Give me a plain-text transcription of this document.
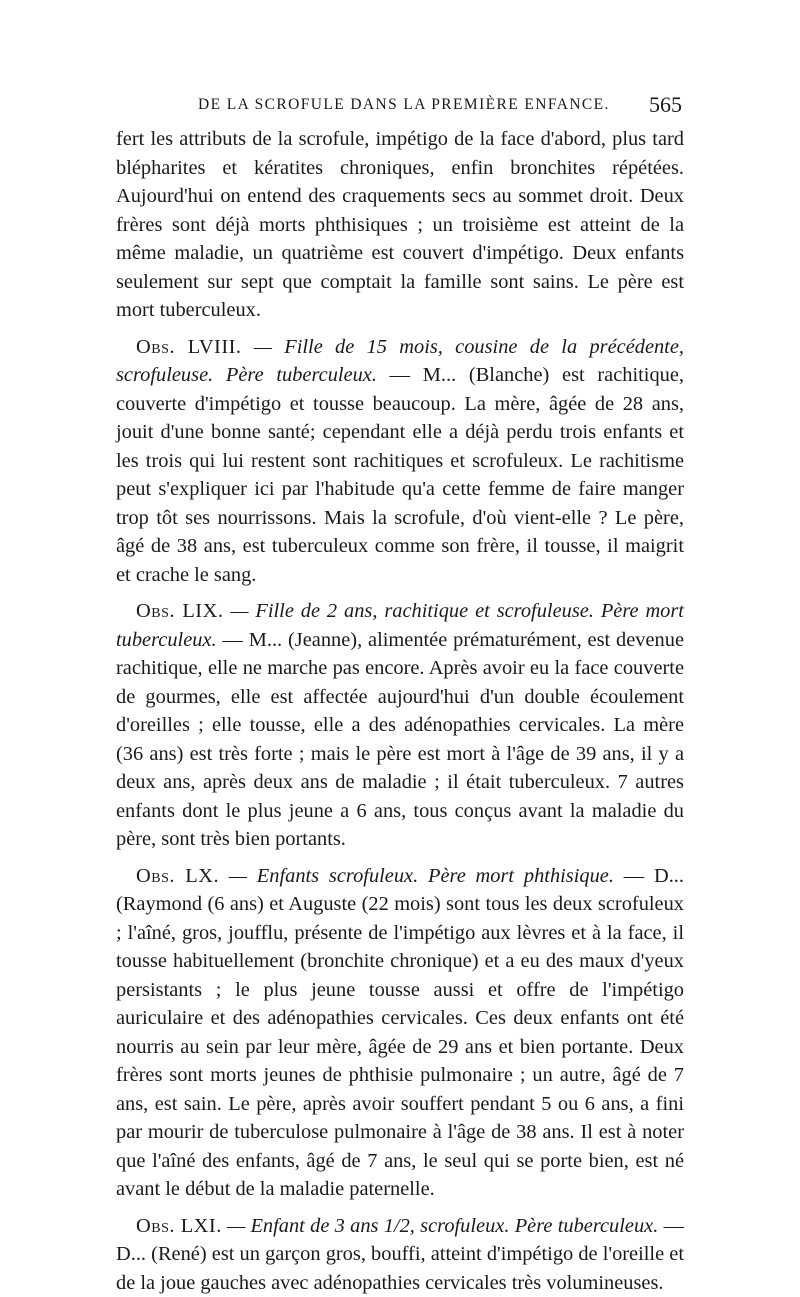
DE LA SCROFULE DANS LA PREMIÈRE ENFANCE. 565

fert les attributs de la scrofule, impétigo de la face d'abord, plus tard blépharites et kératites chroniques, enfin bronchites répétées. Aujourd'hui on entend des craquements secs au sommet droit. Deux frères sont déjà morts phthisiques ; un troisième est atteint de la même maladie, un quatrième est couvert d'impétigo. Deux enfants seulement sur sept que comptait la famille sont sains. Le père est mort tuberculeux.

Obs. LVIII. — Fille de 15 mois, cousine de la précédente, scrofuleuse. Père tuberculeux. — M... (Blanche) est rachitique, couverte d'impétigo et tousse beaucoup. La mère, âgée de 28 ans, jouit d'une bonne santé; cependant elle a déjà perdu trois enfants et les trois qui lui restent sont rachitiques et scrofuleux. Le rachitisme peut s'expliquer ici par l'habitude qu'a cette femme de faire manger trop tôt ses nourrissons. Mais la scrofule, d'où vient-elle ? Le père, âgé de 38 ans, est tuberculeux comme son frère, il tousse, il maigrit et crache le sang.

Obs. LIX. — Fille de 2 ans, rachitique et scrofuleuse. Père mort tuberculeux. — M... (Jeanne), alimentée prématurément, est devenue rachitique, elle ne marche pas encore. Après avoir eu la face couverte de gourmes, elle est affectée aujourd'hui d'un double écoulement d'oreilles ; elle tousse, elle a des adénopathies cervicales. La mère (36 ans) est très forte ; mais le père est mort à l'âge de 39 ans, il y a deux ans, après deux ans de maladie ; il était tuberculeux. 7 autres enfants dont le plus jeune a 6 ans, tous conçus avant la maladie du père, sont très bien portants.

Obs. LX. — Enfants scrofuleux. Père mort phthisique. — D... (Raymond (6 ans) et Auguste (22 mois) sont tous les deux scrofuleux ; l'aîné, gros, joufflu, présente de l'impétigo aux lèvres et à la face, il tousse habituellement (bronchite chronique) et a eu des maux d'yeux persistants ; le plus jeune tousse aussi et offre de l'impétigo auriculaire et des adénopathies cervicales. Ces deux enfants ont été nourris au sein par leur mère, âgée de 29 ans et bien portante. Deux frères sont morts jeunes de phthisie pulmonaire ; un autre, âgé de 7 ans, est sain. Le père, après avoir souffert pendant 5 ou 6 ans, a fini par mourir de tuberculose pulmonaire à l'âge de 38 ans. Il est à noter que l'aîné des enfants, âgé de 7 ans, le seul qui se porte bien, est né avant le début de la maladie paternelle.

Obs. LXI. — Enfant de 3 ans 1/2, scrofuleux. Père tuberculeux. — D... (René) est un garçon gros, bouffi, atteint d'impétigo de l'oreille et de la joue gauches avec adénopathies cervicales très volumineuses.
